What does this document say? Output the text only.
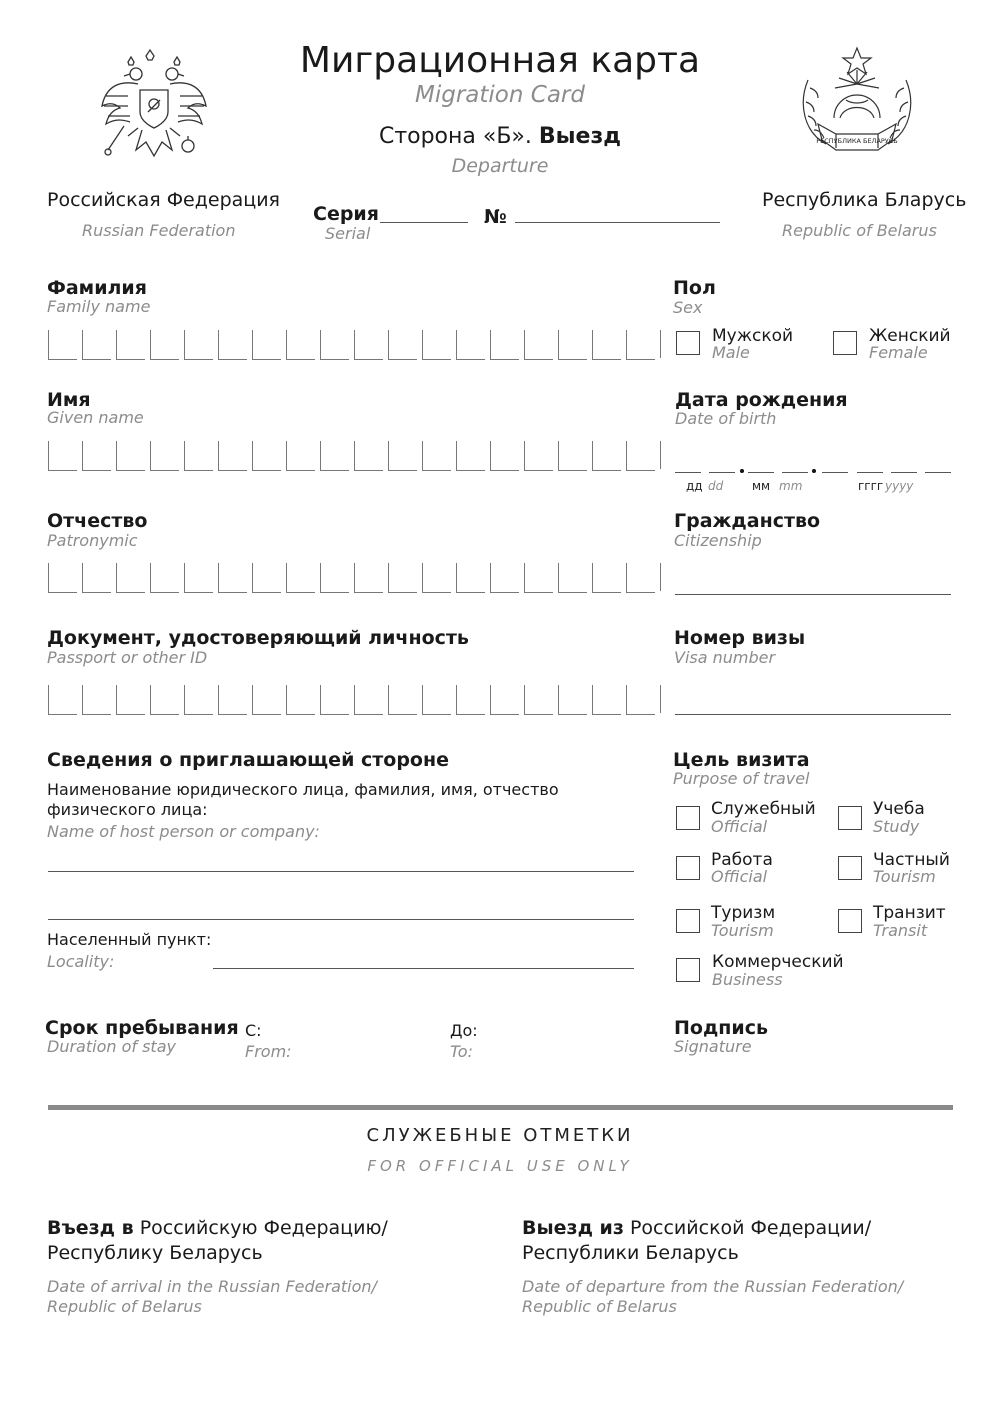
РЕСПУБЛИКА БЕЛАРУСЬ
Миграционная карта
Migration Card
Сторона «Б». Выезд
Departure
Российская Федерация
Russian Federation
Республика Бларусь
Republic of Belarus
Серия
Serial
№
Фамилия
Family name
Имя
Given name
Отчество
Patronymic
Документ, удостоверяющий личность
Passport or other ID
Пол
Sex
Мужской
Male
Женский
Female
Дата рождения
Date of birth
дд dd мм mm	гггг yyyy
Гражданство
Citizenship
Номер визы
Visa number
Сведения о приглашающей стороне
Наименование юридического лица, фамилия, имя, отчество
физического лица:
Name of host person or company:
Населенный пункт:
Locality:
Цель визита
Purpose of travel
Служебный
Official
Учеба
Study
Работа
Official
Частный
Tourism
Туризм
Tourism
Транзит
Transit
Коммерческий
Business
Срок пребывания
Duration of stay
С:
From:
До:
To:
Подпись
Signature
СЛУЖЕБНЫЕ ОТМЕТКИ
FOR OFFICIAL USE ONLY
Въезд в Российскую Федерацию/
Республику Беларусь
Date of arrival in the Russian Federation/
Republic of Belarus
Выезд из Российской Федерации/
Республики Беларусь
Date of departure from the Russian Federation/
Republic of Belarus
